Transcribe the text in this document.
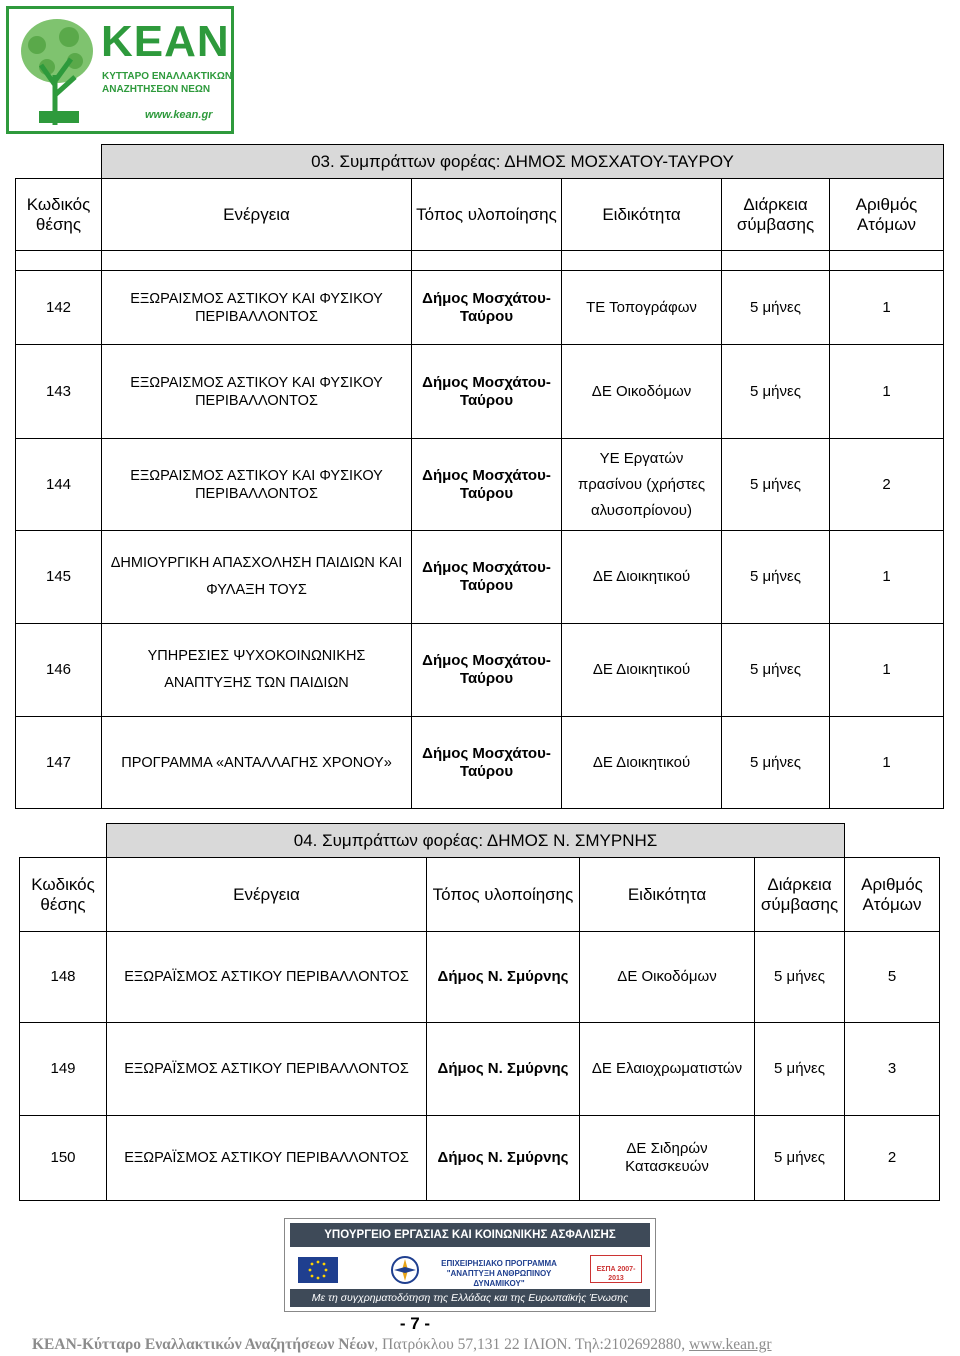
KEAN
ΚΥΤΤΑΡΟ ΕΝΑΛΛΑΚΤΙΚΩΝ
ΑΝΑΖΗΤΗΣΕΩΝ ΝΕΩΝ
www.kean.gr
	03. Συμπράττων φορέας: ΔΗΜΟΣ ΜΟΣΧΑΤΟΥ-ΤΑΥΡΟΥ				
Κωδικός θέσης	Ενέργεια	Τόπος υλοποίησης	Ειδικότητα	Διάρκεια σύμβασης	Αριθμός Ατόμων

142	ΕΞΩΡΑΙΣΜΟΣ ΑΣΤΙΚΟΥ ΚΑΙ ΦΥΣΙΚΟΥ ΠΕΡΙΒΑΛΛΟΝΤΟΣ	Δήμος Μοσχάτου-Ταύρου	ΤΕ Τοπογράφων	5 μήνες	1
143	ΕΞΩΡΑΙΣΜΟΣ ΑΣΤΙΚΟΥ ΚΑΙ ΦΥΣΙΚΟΥ ΠΕΡΙΒΑΛΛΟΝΤΟΣ	Δήμος Μοσχάτου-Ταύρου	ΔΕ Οικοδόμων	5 μήνες	1
144	ΕΞΩΡΑΙΣΜΟΣ ΑΣΤΙΚΟΥ ΚΑΙ ΦΥΣΙΚΟΥ ΠΕΡΙΒΑΛΛΟΝΤΟΣ	Δήμος Μοσχάτου-Ταύρου	ΥΕ Εργατών πρασίνου (χρήστες αλυσοπρίονου)	5 μήνες	2
145	ΔΗΜΙΟΥΡΓΙΚΗ ΑΠΑΣΧΟΛΗΣΗ ΠΑΙΔΙΩΝ ΚΑΙ ΦΥΛΑΞΗ ΤΟΥΣ	Δήμος Μοσχάτου-Ταύρου	ΔΕ Διοικητικού	5 μήνες	1
146	ΥΠΗΡΕΣΙΕΣ ΨΥΧΟΚΟΙΝΩΝΙΚΗΣ ΑΝΑΠΤΥΞΗΣ ΤΩΝ ΠΑΙΔΙΩΝ	Δήμος Μοσχάτου-Ταύρου	ΔΕ Διοικητικού	5 μήνες	1
147	ΠΡΟΓΡΑΜΜΑ «ΑΝΤΑΛΛΑΓΗΣ ΧΡΟΝΟΥ»	Δήμος Μοσχάτου-Ταύρου	ΔΕ Διοικητικού	5 μήνες	1
	04. Συμπράττων φορέας: ΔΗΜΟΣ Ν. ΣΜΥΡΝΗΣ				
Κωδικός θέσης	Ενέργεια	Τόπος υλοποίησης	Ειδικότητα	Διάρκεια σύμβασης	Αριθμός Ατόμων
148	ΕΞΩΡΑΪΣΜΟΣ ΑΣΤΙΚΟΥ ΠΕΡΙΒΑΛΛΟΝΤΟΣ	Δήμος Ν. Σμύρνης	ΔΕ Οικοδόμων	5 μήνες	5
149	ΕΞΩΡΑΪΣΜΟΣ ΑΣΤΙΚΟΥ ΠΕΡΙΒΑΛΛΟΝΤΟΣ	Δήμος Ν. Σμύρνης	ΔΕ Ελαιοχρωματιστών	5 μήνες	3
150	ΕΞΩΡΑΪΣΜΟΣ ΑΣΤΙΚΟΥ ΠΕΡΙΒΑΛΛΟΝΤΟΣ	Δήμος Ν. Σμύρνης	ΔΕ Σιδηρών Κατασκευών	5 μήνες	2
ΥΠΟΥΡΓΕΙΟ ΕΡΓΑΣΙΑΣ ΚΑΙ ΚΟΙΝΩΝΙΚΗΣ ΑΣΦΑΛΙΣΗΣ
ΕΠΙΧΕΙΡΗΣΙΑΚΟ ΠΡΟΓΡΑΜΜΑ "ΑΝΑΠΤΥΞΗ ΑΝΘΡΩΠΙΝΟΥ ΔΥΝΑΜΙΚΟΥ"
ΕΣΠΑ 2007-2013
Με τη συγχρηματοδότηση της Ελλάδας και της Ευρωπαϊκής Ένωσης
- 7 -
KEAN-Κύτταρο Εναλλακτικών Αναζητήσεων Νέων, Πατρόκλου 57,131 22 ΙΛΙΟΝ. Τηλ:2102692880, www.kean.gr
